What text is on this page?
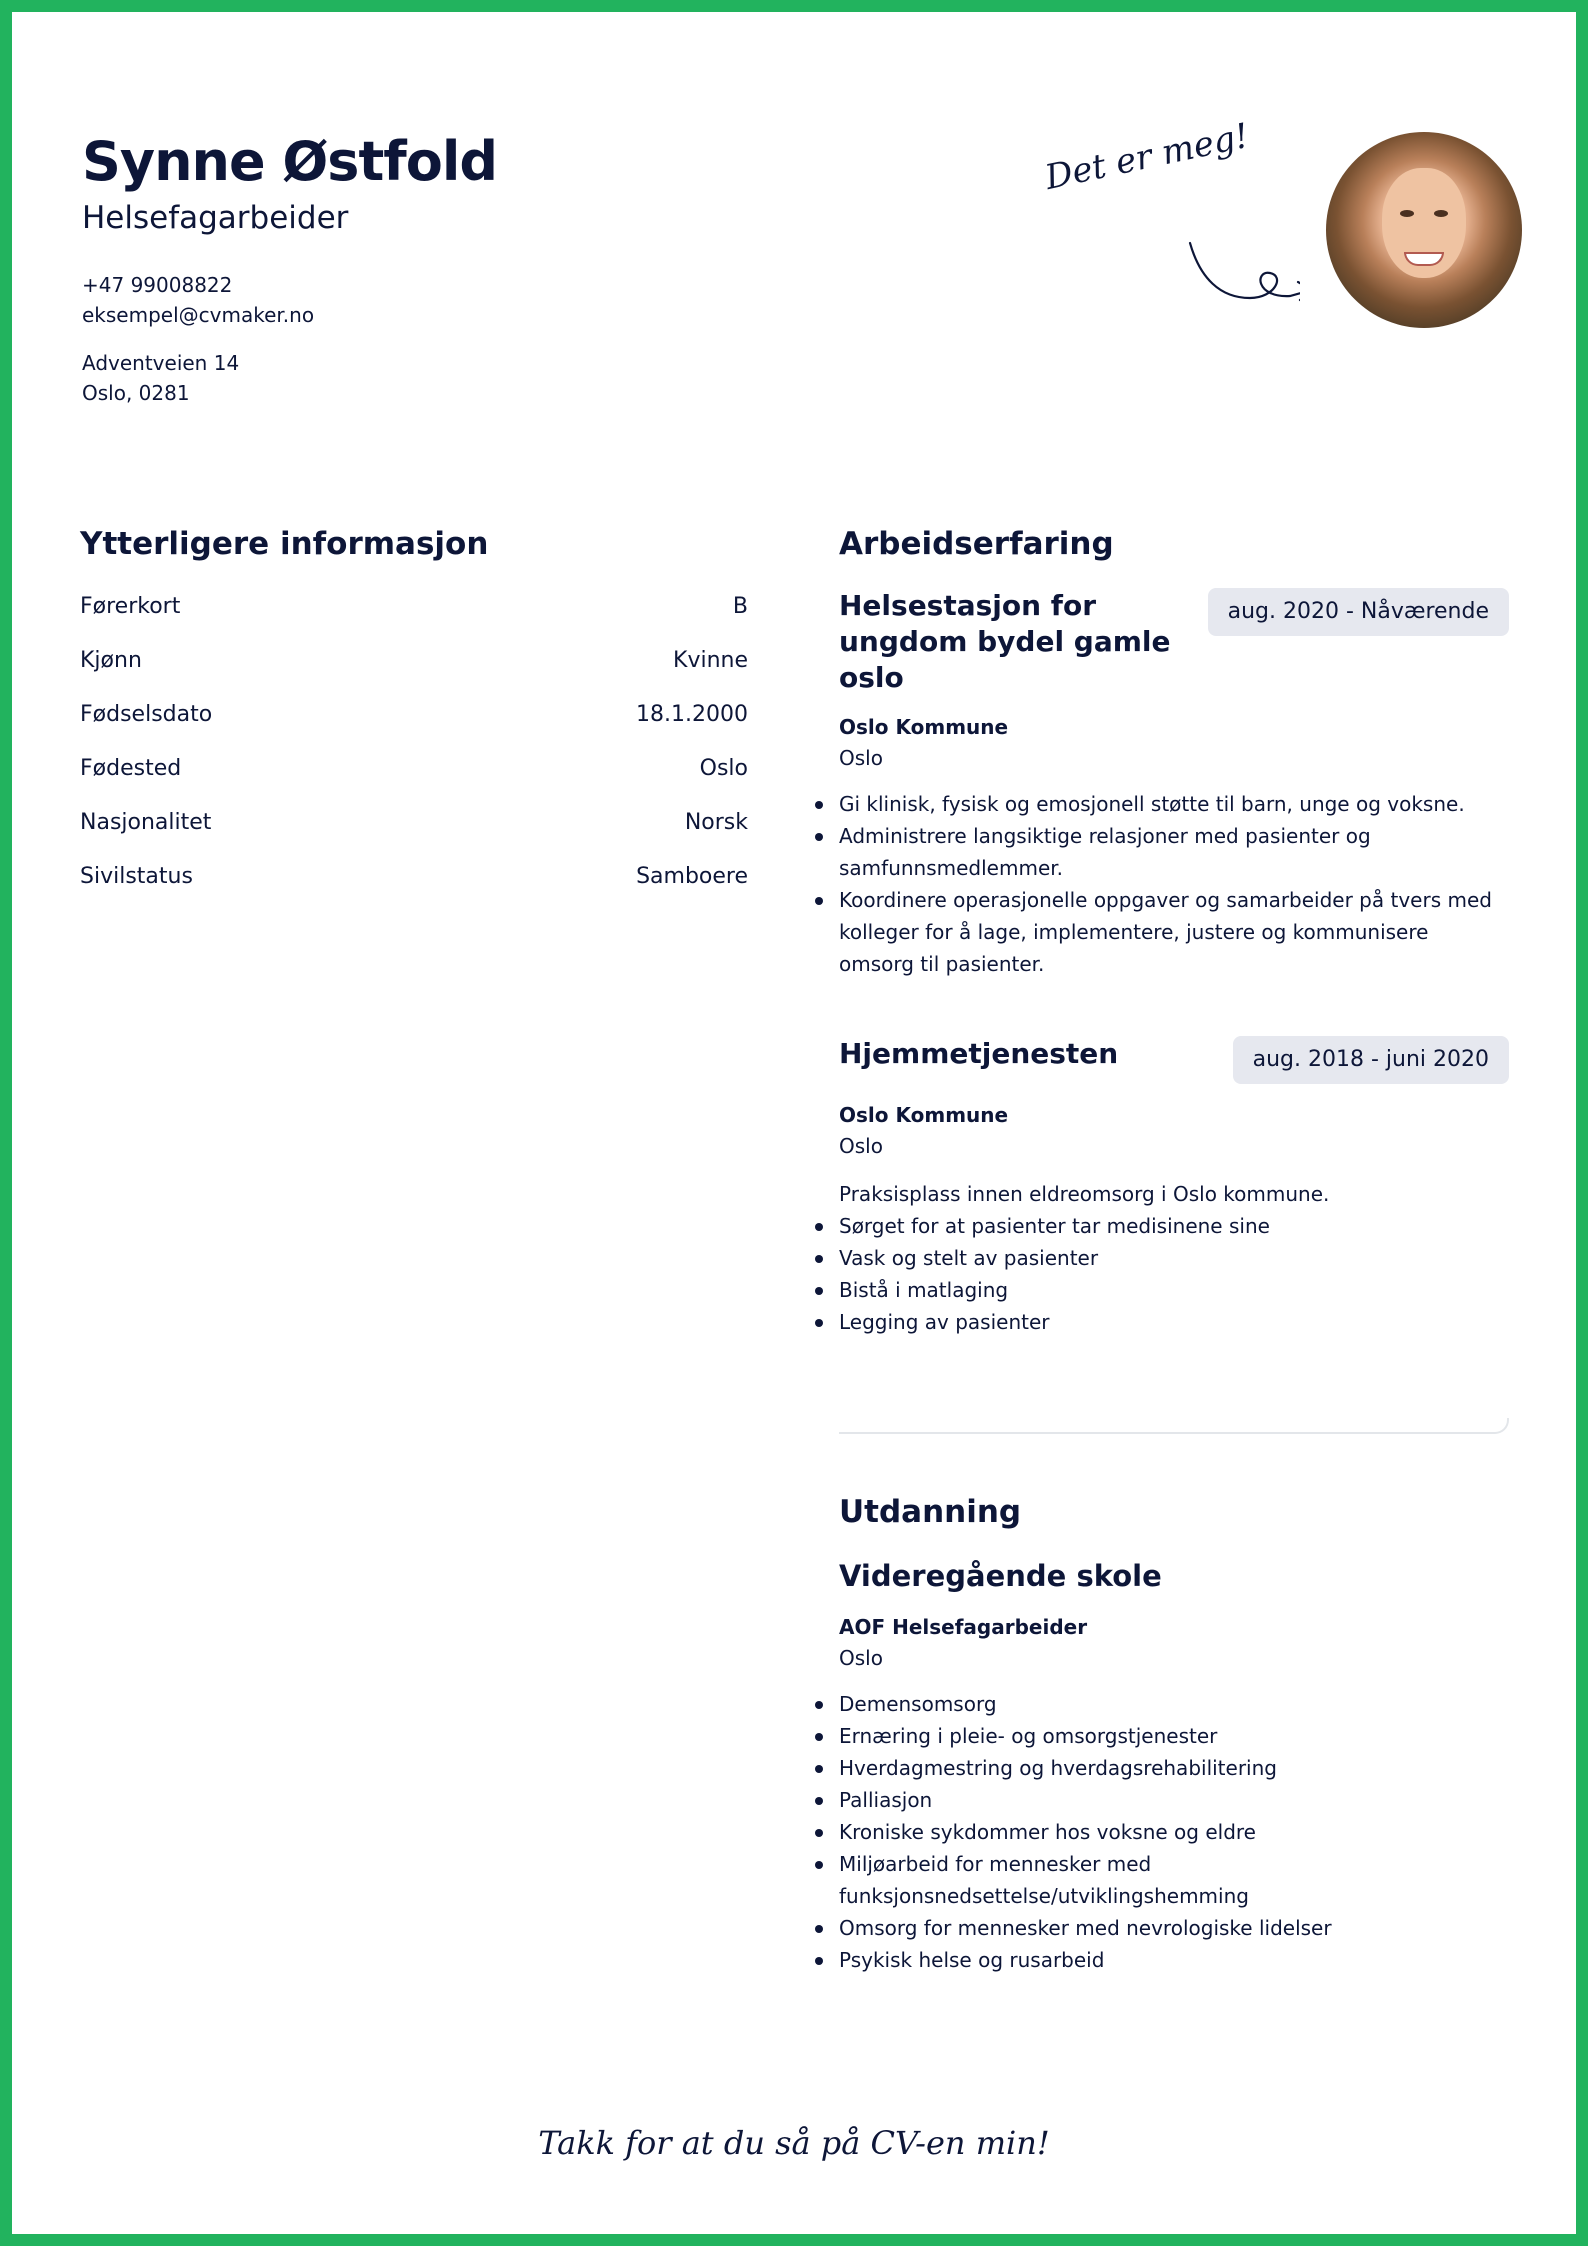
Synne Østfold
Helsefagarbeider
+47 99008822
eksempel@cvmaker.no
Adventveien 14
Oslo, 0281
Det er meg!
Ytterligere informasjon
Førerkort	B
Kjønn	Kvinne
Fødselsdato	18.1.2000
Fødested	Oslo
Nasjonalitet	Norsk
Sivilstatus	Samboere
Arbeidserfaring
Helsestasjon for ungdom bydel gamle oslo
aug. 2020 - Nåværende
Oslo Kommune
Oslo
Gi klinisk, fysisk og emosjonell støtte til barn, unge og voksne.
Administrere langsiktige relasjoner med pasienter og samfunnsmedlemmer.
Koordinere operasjonelle oppgaver og samarbeider på tvers med kolleger for å lage, implementere, justere og kommunisere omsorg til pasienter.
Hjemmetjenesten	aug. 2018 - juni 2020
Oslo Kommune
Oslo
Praksisplass innen eldreomsorg i Oslo kommune.
Sørget for at pasienter tar medisinene sine
Vask og stelt av pasienter
Bistå i matlaging
Legging av pasienter
Utdanning
Videregående skole
AOF Helsefagarbeider
Oslo
Demensomsorg
Ernæring i pleie- og omsorgstjenester
Hverdagmestring og hverdagsrehabilitering
Palliasjon
Kroniske sykdommer hos voksne og eldre
Miljøarbeid for mennesker med funksjonsnedsettelse/utviklingshemming
Omsorg for mennesker med nevrologiske lidelser
Psykisk helse og rusarbeid
Takk for at du så på CV-en min!
